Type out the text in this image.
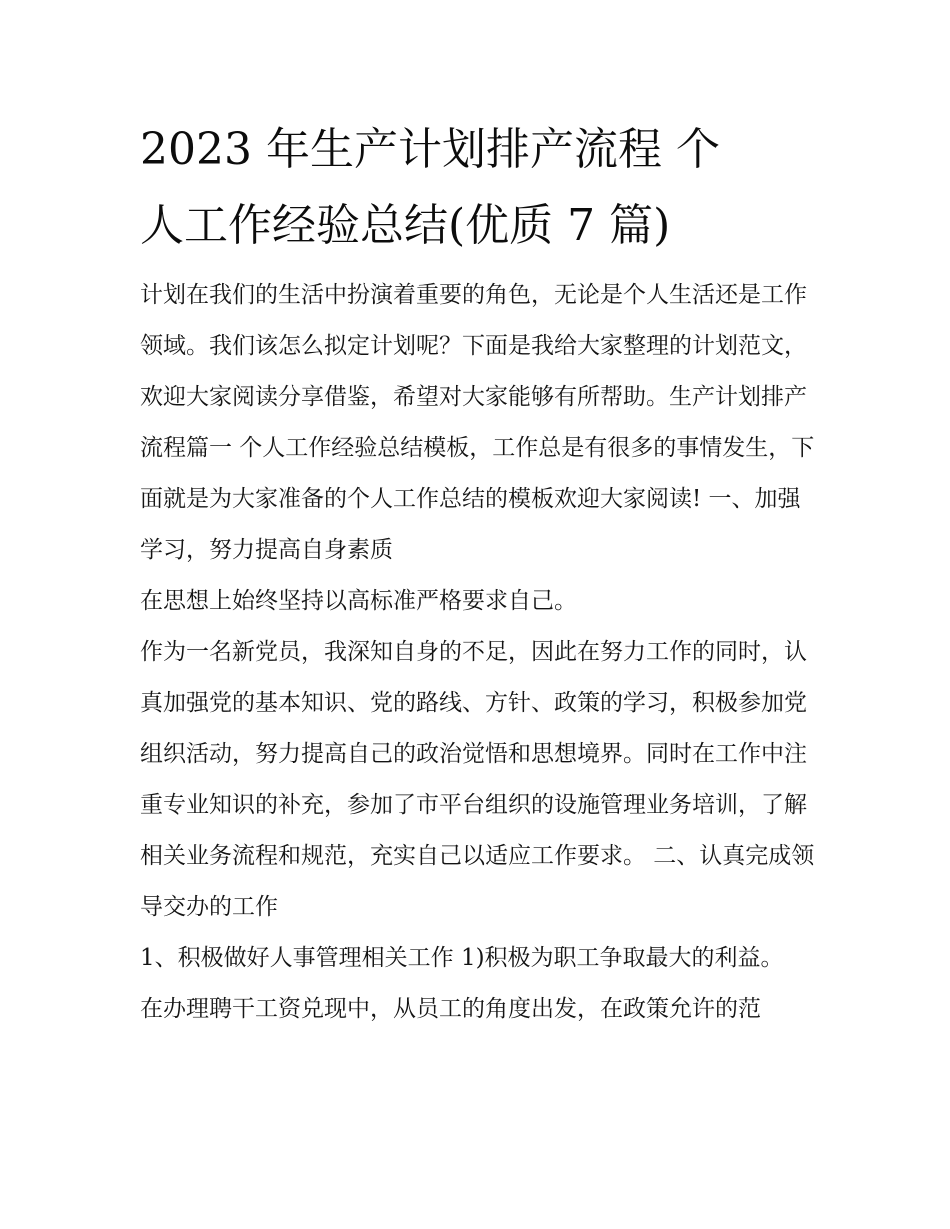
2023 年生产计划排产流程 个
人工作经验总结(优质 7 篇)

计划在我们的生活中扮演着重要的角色，无论是个人生活还是工作领域。我们该怎么拟定计划呢？下面是我给大家整理的计划范文，欢迎大家阅读分享借鉴，希望对大家能够有所帮助。生产计划排产流程篇一 个人工作经验总结模板，工作总是有很多的事情发生，下面就是为大家准备的个人工作总结的模板欢迎大家阅读! 一、加强学习，努力提高自身素质

在思想上始终坚持以高标准严格要求自己。

作为一名新党员，我深知自身的不足，因此在努力工作的同时，认真加强党的基本知识、党的路线、方针、政策的学习，积极参加党组织活动，努力提高自己的政治觉悟和思想境界。同时在工作中注重专业知识的补充，参加了市平台组织的设施管理业务培训，了解相关业务流程和规范，充实自己以适应工作要求。 二、认真完成领导交办的工作

1、积极做好人事管理相关工作 1)积极为职工争取最大的利益。

在办理聘干工资兑现中，从员工的角度出发，在政策允许的范
